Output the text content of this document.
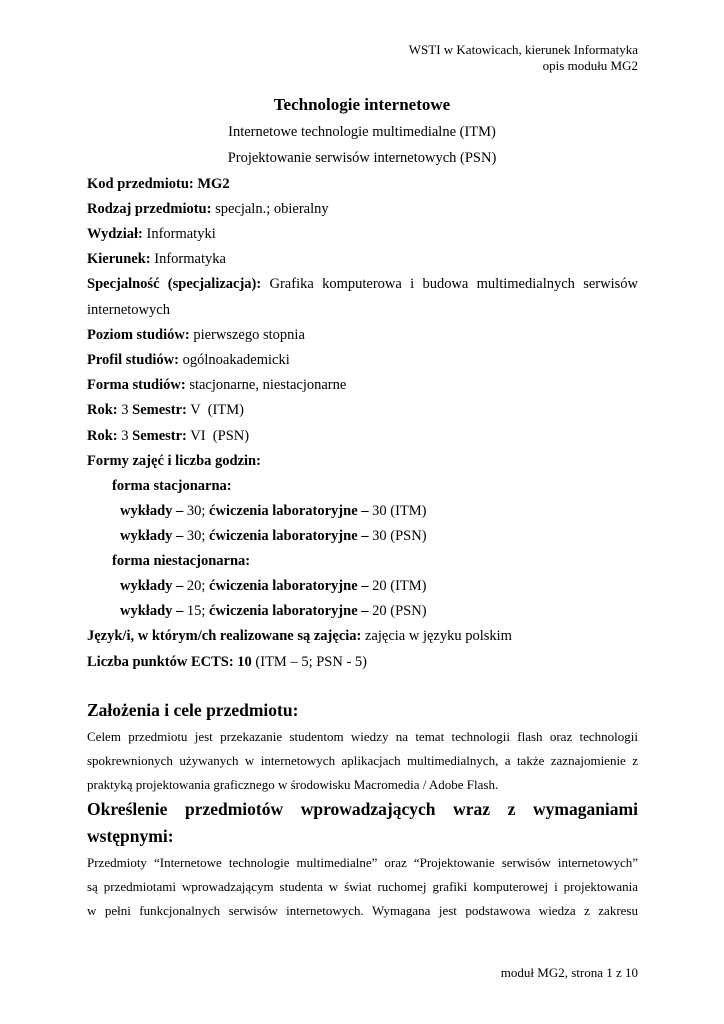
WSTI w Katowicach, kierunek Informatyka
opis modułu MG2
Technologie internetowe
Internetowe technologie multimedialne (ITM)
Projektowanie serwisów internetowych (PSN)
Kod przedmiotu: MG2
Rodzaj przedmiotu: specjaln.; obieralny
Wydział: Informatyki
Kierunek: Informatyka
Specjalność (specjalizacja): Grafika komputerowa i budowa multimedialnych serwisów
internetowych
Poziom studiów: pierwszego stopnia
Profil studiów: ogólnoakademicki
Forma studiów: stacjonarne, niestacjonarne
Rok: 3 Semestr: V  (ITM)
Rok: 3 Semestr: VI  (PSN)
Formy zajęć i liczba godzin:
forma stacjonarna:
wykłady – 30; ćwiczenia laboratoryjne – 30 (ITM)
wykłady – 30; ćwiczenia laboratoryjne – 30 (PSN)
forma niestacjonarna:
wykłady – 20; ćwiczenia laboratoryjne – 20 (ITM)
wykłady – 15; ćwiczenia laboratoryjne – 20 (PSN)
Język/i, w którym/ch realizowane są zajęcia: zajęcia w języku polskim
Liczba punktów ECTS: 10 (ITM – 5; PSN - 5)
Założenia i cele przedmiotu:
Celem przedmiotu jest przekazanie studentom wiedzy na temat technologii flash oraz technologii
spokrewnionych używanych w internetowych aplikacjach multimedialnych, a także zaznajomienie z
praktyką projektowania graficznego w środowisku Macromedia / Adobe Flash.
Określenie przedmiotów wprowadzających wraz z wymaganiami
wstępnymi:
Przedmioty “Internetowe technologie multimedialne” oraz “Projektowanie serwisów internetowych”
są przedmiotami wprowadzającym studenta w świat ruchomej grafiki komputerowej i projektowania
w pełni funkcjonalnych serwisów internetowych. Wymagana jest podstawowa wiedza z zakresu
moduł MG2, strona 1 z 10
